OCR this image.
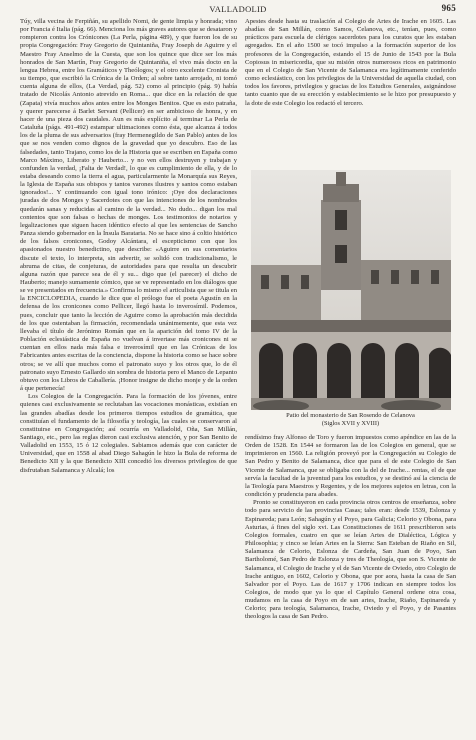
VALLADOLID	965

Túy, villa vecina de Ferpiñán, su apellido Nomi, de gente limpia y honrada; vino por Francia é Italia (pág. 66). Menciona los más graves autores que se desataron y rompieron contra los Crónicones (La Perla, página 489), y que fueron los de su propia Congregación: Fray Gregorio de Quintaniña, Fray Joseph de Aguirre y el Maestro Fray Anselmo de la Cuesta, que son los quince que dice ser los más honrados de San Martín, Fray Gregorio de Quintaniña, el vivo más docto en la lengua Hebrea, entre los Gramáticos y Theólogos; y el otro excelente Cronista de su tiempo, que escribió la Crónica de la Orden; al sobre tanto arrojado, ni tomó cuenta alguna de ellos, (La Verdad, pág. 52) como al principio (pág. 9) había tratado de Nicolás Antonio atrevido en Roma... que dice en la relación de que (Zapata) vivía muchos años antes entre los Monges Benitos. Que es esto patraña, y querer parecerse á Barlet Servant (Pellicer) en ser ambicioso de honra, y en hacer de una pieza dos caudales. Aun es más explícito al terminar La Perla de Cataluña (págs. 491-492) estampar ultimaciones como ésta, que alcanza á todos los de la pluma de sus adversarios (fray Hermenegildo de San Pablo) antes de los que se nos venden como dignos de la gravedad que yo descubro. Eso de las falsedades, tanto Trajano, como los de la Historia que se escriben en España como Marco Máximo, Liberato y Hauberto... y no ven ellos destruyen y trabajan y confunden la verdad, ¡Falta de Verdad!, lo que es cumplimiento de ella, y de lo estaba deseando como la tierra el agua, particularmente la Monarquía sus Reyes, la Iglesia de España sus obispos y tantos varones ilustres y santos como estaban ignorados!... Y continuando con igual tono irónico: ¡Oye dos declaraciones juradas de dos Monges y Sacerdotes con que las intenciones de los nombrados quedarán sanas y reducidas al camino de la verdad... No dudo... digan los mal contentos que son falsas o hechas de monges. Los testimonios de notarios y legalizaciones que siguen hacen idéntico efecto al que les sentencias de Sancho Panza siendo gobernador en la Ínsula Barataria. No se hace sino á coltio histórico de los falsos cronicones, Godoy Alcántara, el escepticismo con que los apasionados nuestro benedictino, que describe: «Aguirre en sus comentarios discute el texto, lo interpreta, sin advertir, se solidó con tradicionalismo, le abruma de citas, de conjeturas, de autoridades para que resulta un descubrir alguna razón que parece sea de él y su... digo que (el parecer) el dicho de Hauberto; manejo sumamente cómico, que se ve representado en los diálogos que se ve presentados en frecuencia.» Confirma lo mismo el articulista que se titula en la ENCICLOPEDIA, cuando le dice que el prólogo fue el poeta Agustín en la defensa de los cronicones como Pellicer, llegó hasta lo inverosímil. Podemos, pues, concluir que tanto la lección de Aguirre como la aprobación más decidida de los que ostentaban la firmación, recomendada unánimemente, que esta vez llevaba el título de Jerónimo Román que en la aparición del tomo IV de la Población eclesiástica de España no vuelvan á invertase más cronicones ni se cuentan en ellos nada más falsa e inverosímil que en las Crónicas de los Fabricantes antes escritas de la conciencia, dispone la historia como se hace sobre otros; se ve allí que muchos como el patronato suyo y los otros que, lo de él patronato suyo Ernesto Gallardo sin sombra de historia pero el Manco de Lepanto obtuvo con los Libros de Caballería. ¡Honor insigne de dicho monje y de la orden á que pertenecía!

Los Colegios de la Congregación. Para la formación de los jóvenes, entre quienes casi exclusivamente se reclutaban las vocaciones monásticas, existían en las grandes abadías desde los primeros tiempos estudios de gramática, que constituían el fundamento de la filosofía y teología, las cuales se conservaron al constituirse en Congregación; así ocurría en Valladolid, Oña, San Millán, Santiago, etc., pero las reglas dieron casi exclusiva atención, y por San Benito de Valladolid en 1553, 15 ó 12 colegiales. Sabiamos además que con carácter de Universidad, que en 1558 al abad Diego Sahagún le hizo la Bula de reforma de Benedicto XII y la que Benedicto XIII concedió los diversos privilegios de que disfrutaban Salamanca y Alcalá; los

Apestes desde hasta su traslación al Colegio de Artes de Irache en 1605. Las abadías de San Millán, como Samos, Celanova, etc., tenían, pues, como prácticos para escuela de clérigos sacerdotes para los curatos que les estaban agregados. En el año 1500 se tocó impulso a la formación superior de los profesores de la Congregación, estando el 15 de Junio de 1543 por la Bula Copiosus in misericordia, que su misión otros numerosos ricos en patrimonio que en el Colegio de San Vicente de Salamanca era legítimamente conferido como eclesiástico, con los privilegios de la Universidad de aquella ciudad, con todos los favores, privilegios y gracias de los Estudios Generales, asignándose tanto cuanto que de su erección y establecimiento se le hizo por presupuesto y la dote de este Colegio los redactó el tercero.

Patio del monasterio de San Rosendo de Celanova
(Siglos XVII y XVIII)

rendísimo fray Alfonso de Toro y fueron impuestos como apéndice en las de la Orden de 1528. En 1544 se formaron las de los Colegios en general, que se imprimieron en 1560. La religión proveyó por la Congregación su Colegio de San Pedro y Benito de Salamanca, dice que para el de este Colegio de San Vicente de Salamanca, que se obligaba con la del de Irache... rentas, el de que servía la facultad de la juventud para los estudios, y se destinó así la ciencia de la Teología para Maestros y Regentes, y de los mejores sujetos en letras, con la condición y prudencia para abades.

Pronto se constituyeron en cada provincia otros centros de enseñanza, sobre todo para servicio de las provincias Casas; tales eran: desde 1539, Eslonza y Espinareda; para León; Sahagún y el Poyo, para Galicia; Celorio y Obona, para Asturias, á fines del siglo xvi. Las Constituciones de 1611 prescribieron seis Colegios formales, cuatro en que se leían Artes de Dialéctica, Lógica y Philosophia; y cinco se leían Artes en la Sierra: San Esteban de Riaño en Sil, Salamanca de Celorio, Eslonza de Cardeña, San Juan de Poyo, San Bartholomé, San Pedro de Eslonza y tres de Theología, que son S. Vicente de Salamanca, el Colegio de Irache y el de San Vicente de Oviedo, otro Colegio de Irache antiguo, en 1602, Celorio y Obona, que por aora, hasta la casa de San Salvador por el Poyo. Las de 1617 y 1706 indican en siempre todos los Colegios, de modo que ya lo que el Capítulo General ordene otra cosa, mudamos en la casa de Poyo en de san artes, Irache, Riaño, Espinareda y Celorio; para teología, Salamanca, Irache, Oviedo y el Poyo, y de Pasantes theologos la casa de San Pedro.
